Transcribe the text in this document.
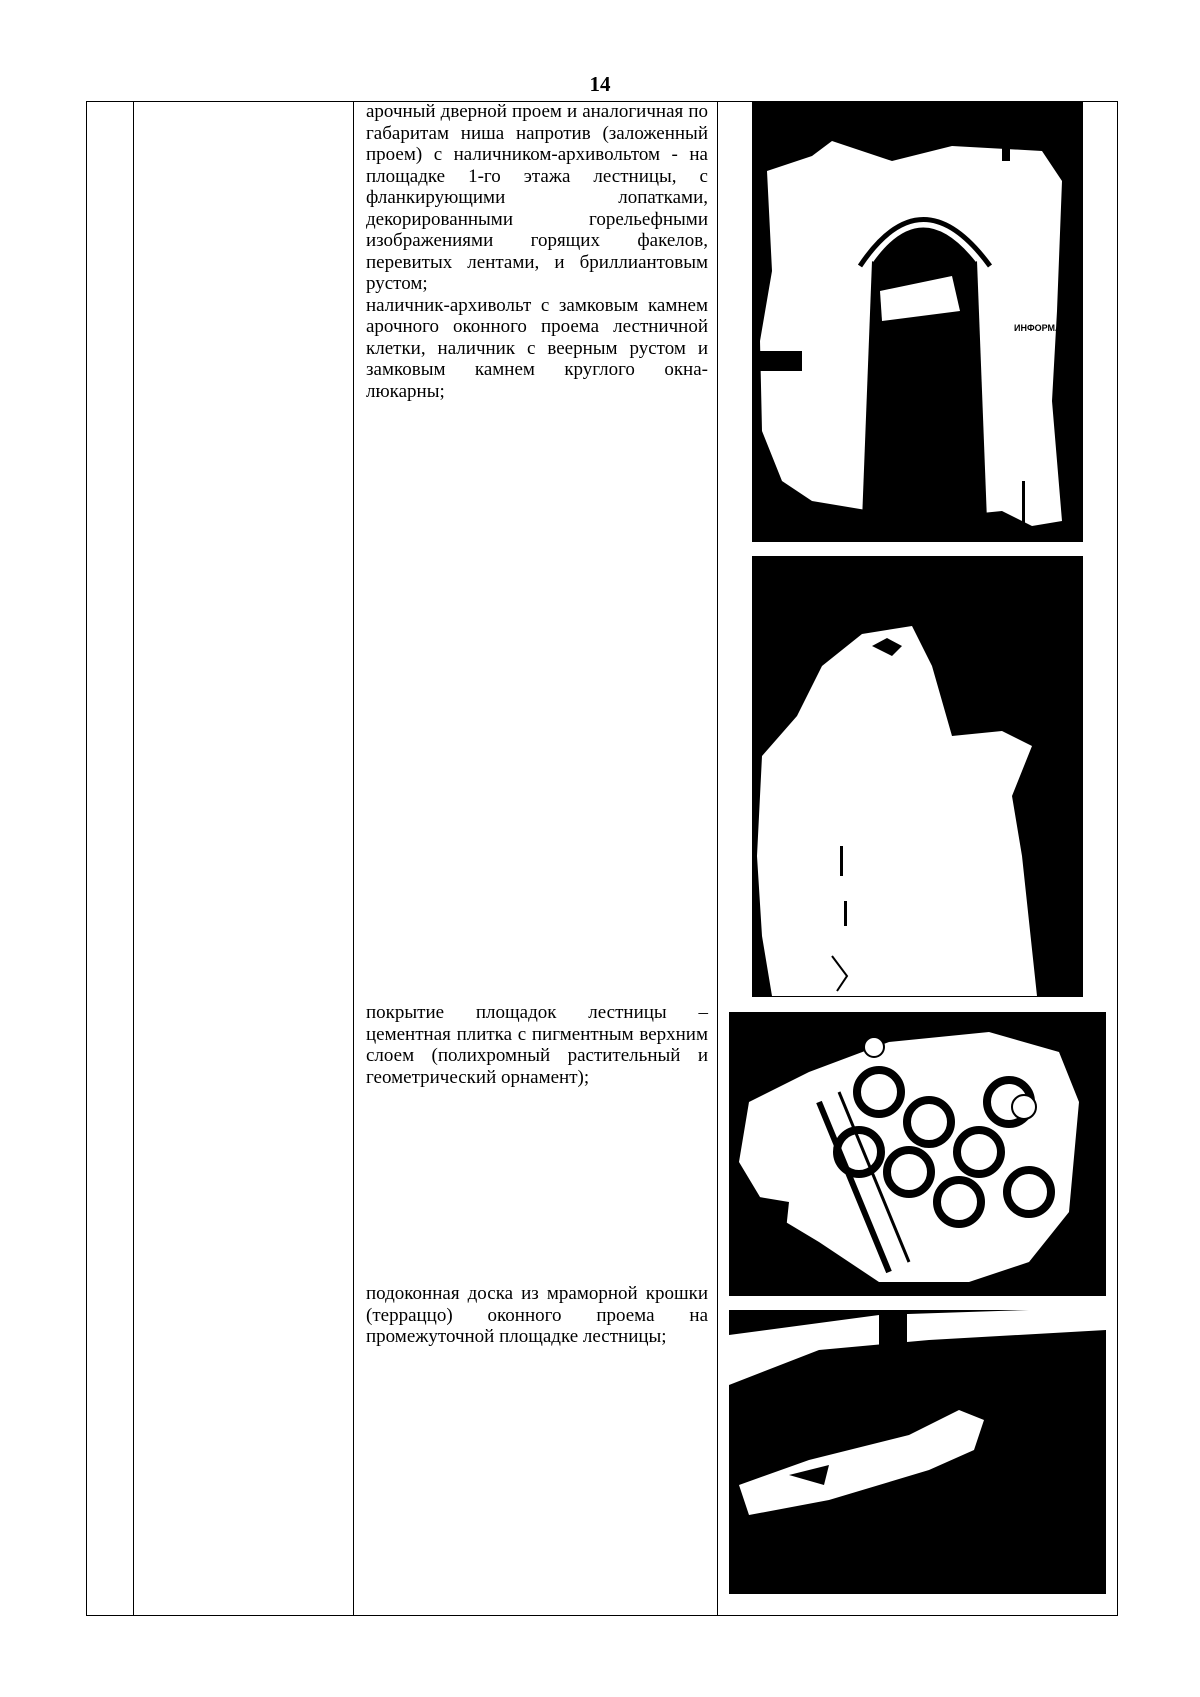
14
арочный дверной проем и аналогичная по габаритам ниша напротив (заложенный проем) с наличником-архивольтом - на площадке 1-го этажа лестницы, с фланкирующими лопатками, декорированными горельефными изображениями горящих факелов, перевитых лентами, и бриллиантовым рустом;
наличник-архивольт с замковым камнем арочного оконного проема лестничной клетки, наличник с веерным рустом и замковым камнем круглого окна-люкарны;
покрытие площадок лестницы – цементная плитка с пигментным верхним слоем (полихромный растительный и геометрический орнамент);
подоконная доска из мраморной крошки (терраццо) оконного проема на промежуточной площадке лестницы;
ИНФОРМАЦИ
